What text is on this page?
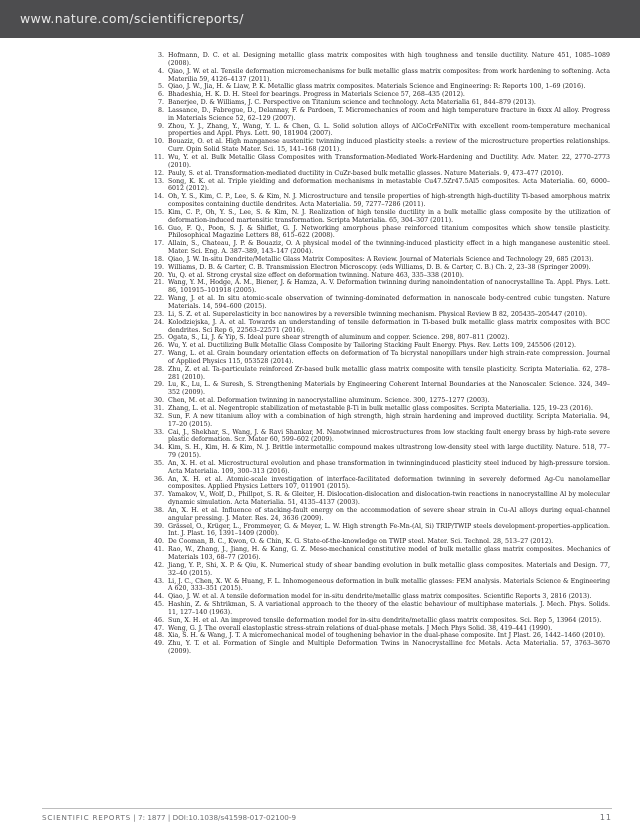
www.nature.com/scientificreports/
3. Hofmann, D. C. et al. Designing metallic glass matrix composites with high toughness and tensile ductility. Nature 451, 1085–1089 (2008).
4. Qiao, J. W. et al. Tensile deformation micromechanisms for bulk metallic glass matrix composites: from work hardening to softening. Acta Materilia 59, 4126–4137 (2011).
5. Qiao, J. W., Jia, H. & Liaw, P. K. Metallic glass matrix composites. Materials Science and Engineering: R: Reports 100, 1–69 (2016).
6. Bhadeshia, H. K. D. H. Steel for bearings. Progress in Materials Science 57, 268–435 (2012).
7. Banerjee, D. & Williams, J. C. Perspective on Titanium science and technology. Acta Materialia 61, 844–879 (2013).
8. Lassance, D., Fabregue, D., Delannay, F. & Pardoen, T. Micromechanics of room and high temperature fracture in 6xxx Al alloy. Progress in Materials Science 52, 62–129 (2007).
9. Zhou, Y. J., Zhang, Y., Wang, Y. L. & Chen, G. L. Solid solution alloys of AlCoCrFeNiTix with excellent room-temperature mechanical properties and Appl. Phys. Lett. 90, 181904 (2007).
10. Bouaziz, O. et al. High manganese austenitic twinning induced plasticity steels: a review of the microstructure properties relationships. Curr. Opin Solid State Mater. Sci. 15, 141–168 (2011).
11. Wu, Y. et al. Bulk Metallic Glass Composites with Transformation-Mediated Work-Hardening and Ductility. Adv. Mater. 22, 2770–2773 (2010).
12. Pauly, S. et al. Transformation-mediated ductility in CuZr-based bulk metallic glasses. Nature Materials. 9, 473–477 (2010).
13. Song, K. K. et al. Triple yielding and deformation mechanisms in metastable Cu47.5Zr47.5Al5 composites. Acta Materialia. 60, 6000–6012 (2012).
14. Oh, Y. S., Kim, C. P., Lee, S. & Kim, N. J. Microstructure and tensile properties of high-strength high-ductility Ti-based amorphous matrix composites containing ductile dendrites. Acta Materialia. 59, 7277–7286 (2011).
15. Kim, C. P., Oh, Y. S., Lee, S. & Kim, N. J. Realization of high tensile ductility in a bulk metallic glass composite by the utilization of deformation-induced martensitic transformation. Scripta Materialia. 65, 304–307 (2011).
16. Guo, F. Q., Poon, S. J. & Shiflet, G. J. Networking amorphous phase reinforced titanium composites which show tensile plasticity. Philosophical Magazine Letters 88, 615–622 (2008).
17. Allain, S., Chateau, J. P. & Bouaziz, O. A physical model of the twinning-induced plasticity effect in a high manganese austenitic steel. Mater. Sci. Eng. A. 387–389, 143–147 (2004).
18. Qiao, J. W. In-situ Dendrite/Metallic Glass Matrix Composites: A Review. Journal of Materials Science and Technology 29, 685 (2013).
19. Williams, D. B. & Carter, C. B. Transmission Electron Microscopy. (eds Williams, D. B. & Carter, C. B.) Ch. 2, 23–38 (Springer 2009).
20. Yu, Q. et al. Strong crystal size effect on deformation twinning. Nature 463, 335–338 (2010).
21. Wang, Y. M., Hodge, A. M., Biener, J. & Hamza, A. V. Deformation twinning during nanoindentation of nanocrystalline Ta. Appl. Phys. Lett. 86, 101915–101918 (2005).
22. Wang, J. et al. In situ atomic-scale observation of twinning-dominated deformation in nanoscale body-centred cubic tungsten. Nature Materials. 14, 594–600 (2015).
23. Li, S. Z. et al. Superelasticity in bcc nanowires by a reversible twinning mechanism. Physical Review B 82, 205435–205447 (2010).
24. Kolodziejska, J. A. et al. Towards an understanding of tensile deformation in Ti-based bulk metallic glass matrix composites with BCC dendrites. Sci Rep 6, 22563–22571 (2016).
25. Ogata, S., Li, J. & Yip, S. Ideal pure shear strength of aluminum and copper. Science. 298, 807–811 (2002).
26. Wu, Y. et al. Ductilizing Bulk Metallic Glass Composite by Tailoring Stacking Fault Energy. Phys. Rev. Letts 109, 245506 (2012).
27. Wang, L. et al. Grain boundary orientation effects on deformation of Ta bicrystal nanopillars under high strain-rate compression. Journal of Applied Physics 115, 053528 (2014).
28. Zhu, Z. et al. Ta-particulate reinforced Zr-based bulk metallic glass matrix composite with tensile plasticity. Scripta Materialia. 62, 278–281 (2010).
29. Lu, K., Lu, L. & Suresh, S. Strengthening Materials by Engineering Coherent Internal Boundaries at the Nanoscaler. Science. 324, 349–352 (2009).
30. Chen, M. et al. Deformation twinning in nanocrystalline aluminum. Science. 300, 1275–1277 (2003).
31. Zhang, L. et al. Negentropic stabilization of metastable β-Ti in bulk metallic glass composites. Scripta Materialia. 125, 19–23 (2016).
32. Sun, F. A new titanium alloy with a combination of high strength, high strain hardening and improved ductility. Scripta Materialia. 94, 17–20 (2015).
33. Cai, J., Shekhar, S., Wang, J. & Ravi Shankar, M. Nanotwinned microstructures from low stacking fault energy brass by high-rate severe plastic deformation. Scr. Mater 60, 599–602 (2009).
34. Kim, S. H., Kim, H. & Kim, N. J. Brittle intermetallic compound makes ultrastrong low-density steel with large ductility. Nature. 518, 77–79 (2015).
35. An, X. H. et al. Microstructural evolution and phase transformation in twinninginduced plasticity steel induced by high-pressure torsion. Acta Materialia. 109, 300–313 (2016).
36. An, X. H. et al. Atomic-scale investigation of interface-facilitated deformation twinning in severely deformed Ag-Cu nanolamellar composites. Applied Physics Letters 107, 011901 (2015).
37. Yamakov, V., Wolf, D., Phillpot, S. R. & Gleiter, H. Dislocation-dislocation and dislocation-twin reactions in nanocrystalline Al by molecular dynamic simulation. Acta Materialia. 51, 4135–4137 (2003).
38. An, X. H. et al. Influence of stacking-fault energy on the accommodation of severe shear strain in Cu-Al alloys during equal-channel angular pressing. J. Mater. Res. 24, 3636 (2009).
39. Grässel, O., Krüger, L., Frommeyer, G. & Meyer, L. W. High strength Fe-Mn-(Al, Si) TRIP/TWIP steels development-properties-application. Int. J. Plast. 16, 1391–1409 (2000).
40. De Cooman, B. C., Kwon, O. & Chin, K. G. State-of-the-knowledge on TWIP steel. Mater. Sci. Technol. 28, 513–27 (2012).
41. Rao, W., Zhang, J., Jiang, H. & Kang, G. Z. Meso-mechanical constitutive model of bulk metallic glass matrix composites. Mechanics of Materials 103, 68–77 (2016).
42. Jiang, Y. P., Shi, X. P. & Qiu, K. Numerical study of shear banding evolution in bulk metallic glass composites. Materials and Design. 77, 32–40 (2015).
43. Li, J. C., Chen, X. W. & Huang, F. L. Inhomogeneous deformation in bulk metallic glasses: FEM analysis. Materials Science & Engineering A 620, 333–351 (2015).
44. Qiao, J. W. et al. A tensile deformation model for in-situ dendrite/metallic glass matrix composites. Scientific Reports 3, 2816 (2013).
45. Hashin, Z. & Shtrikman, S. A variational approach to the theory of the elastic behaviour of multiphase materials. J. Mech. Phys. Solids. 11, 127–140 (1963).
46. Sun, X. H. et al. An improved tensile deformation model for in-situ dendrite/metallic glass matrix composites. Sci. Rep 5, 13964 (2015).
47. Weng, G. J. The overall elastoplastic stress-strain relations of dual-phase metals. J Mech Phys Solid. 38, 419–441 (1990).
48. Xia, S. H. & Wang, J. T. A micromechanical model of toughening behavior in the dual-phase composite. Int J Plast. 26, 1442–1460 (2010).
49. Zhu, Y. T. et al. Formation of Single and Multiple Deformation Twins in Nanocrystalline fcc Metals. Acta Materialia. 57, 3763–3670 (2009).
SCIENTIFIC REPORTS | 7: 1877 | DOI:10.1038/s41598-017-02100-9	11
